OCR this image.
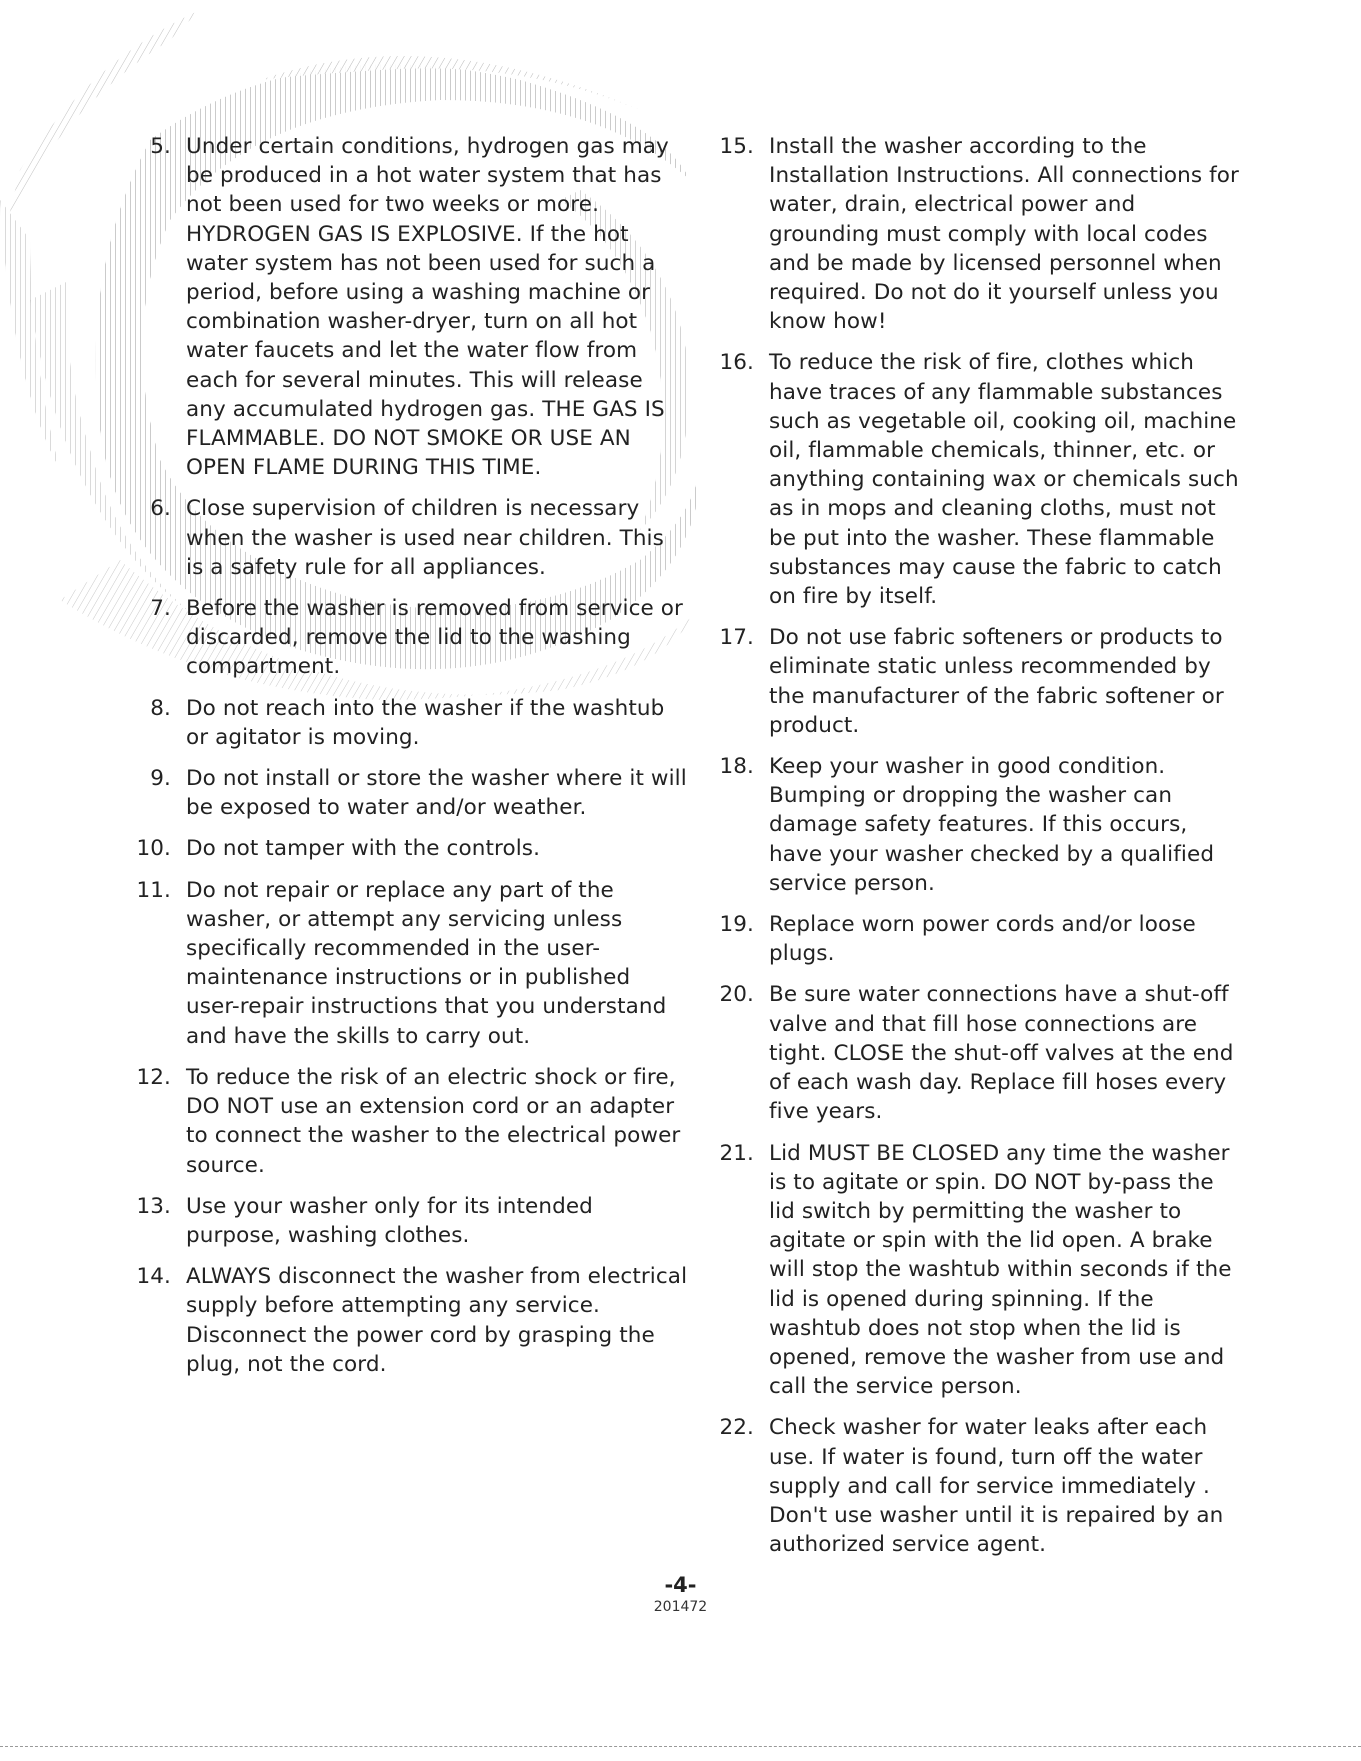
5. Under certain conditions, hydrogen gas may be produced in a hot water system that has not been used for two weeks or more. HYDROGEN GAS IS EXPLOSIVE. If the hot water system has not been used for such a period, before using a washing machine or combination washer-dryer, turn on all hot water faucets and let the water flow from each for several minutes. This will release any accumulated hydrogen gas. THE GAS IS FLAMMABLE. DO NOT SMOKE OR USE AN OPEN FLAME DURING THIS TIME.
6. Close supervision of children is necessary when the washer is used near children. This is a safety rule for all appliances.
7. Before the washer is removed from service or discarded, remove the lid to the washing compartment.
8. Do not reach into the washer if the washtub or agitator is moving.
9. Do not install or store the washer where it will be exposed to water and/or weather.
10. Do not tamper with the controls.
11. Do not repair or replace any part of the washer, or attempt any servicing unless specifically recommended in the user-maintenance instructions or in published user-repair instructions that you understand and have the skills to carry out.
12. To reduce the risk of an electric shock or fire, DO NOT use an extension cord or an adapter to connect the washer to the electrical power source.
13. Use your washer only for its intended purpose, washing clothes.
14. ALWAYS disconnect the washer from electrical supply before attempting any service. Disconnect the power cord by grasping the plug, not the cord.
15. Install the washer according to the Installation Instructions. All connections for water, drain, electrical power and grounding must comply with local codes and be made by licensed personnel when required. Do not do it yourself unless you know how!
16. To reduce the risk of fire, clothes which have traces of any flammable substances such as vegetable oil, cooking oil, machine oil, flammable chemicals, thinner, etc. or anything containing wax or chemicals such as in mops and cleaning cloths, must not be put into the washer. These flammable substances may cause the fabric to catch on fire by itself.
17. Do not use fabric softeners or products to eliminate static unless recommended by the manufacturer of the fabric softener or product.
18. Keep your washer in good condition. Bumping or dropping the washer can damage safety features. If this occurs, have your washer checked by a qualified service person.
19. Replace worn power cords and/or loose plugs.
20. Be sure water connections have a shut-off valve and that fill hose connections are tight. CLOSE the shut-off valves at the end of each wash day. Replace fill hoses every five years.
21. Lid MUST BE CLOSED any time the washer is to agitate or spin. DO NOT by-pass the lid switch by permitting the washer to agitate or spin with the lid open. A brake will stop the washtub within seconds if the lid is opened during spinning. If the washtub does not stop when the lid is opened, remove the washer from use and call the service person.
22. Check washer for water leaks after each use. If water is found, turn off the water supply and call for service immediately . Don't use washer until it is repaired by an authorized service agent.
-4-
201472
